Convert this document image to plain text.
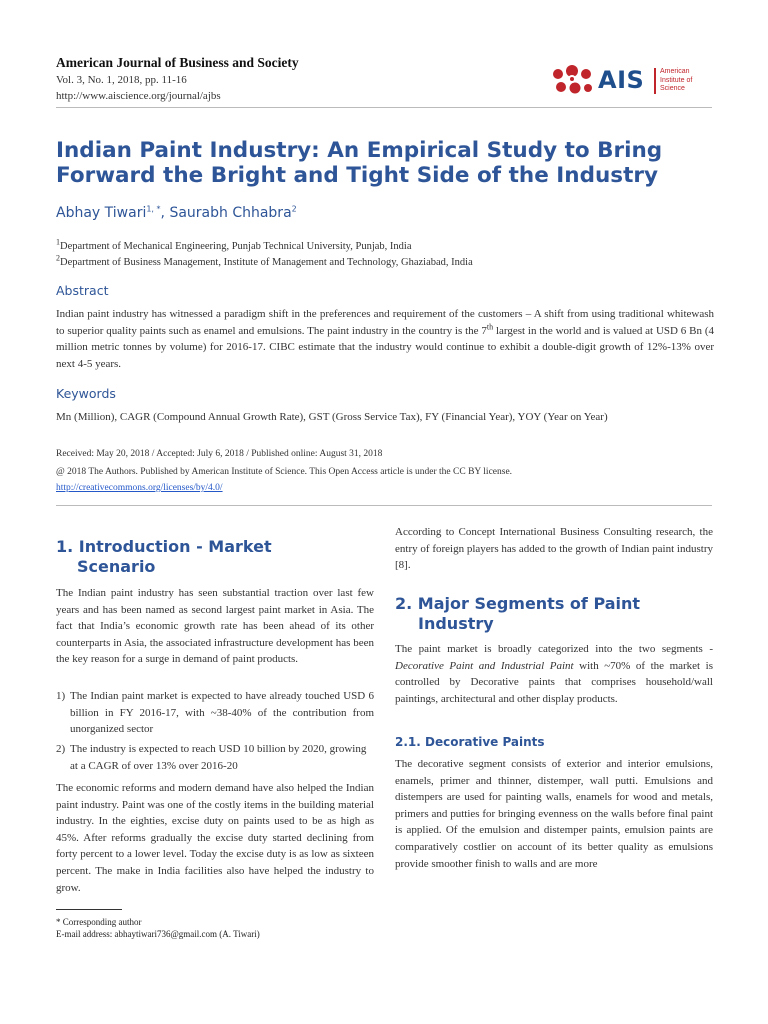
American Journal of Business and Society
Vol. 3, No. 1, 2018, pp. 11-16
http://www.aiscience.org/journal/ajbs
AIS American
Institute of
Science
Indian Paint Industry: An Empirical Study to Bring
Forward the Bright and Tight Side of the Industry
Abhay Tiwari$^{1, *}$, Saurabh Chhabra$^2$
$^1$Department of Mechanical Engineering, Punjab Technical University, Punjab, India
$^2$Department of Business Management, Institute of Management and Technology, Ghaziabad, India
Abstract
Indian paint industry has witnessed a paradigm shift in the preferences and requirement of the customers – A shift from using traditional whitewash to superior quality paints such as enamel and emulsions. The paint industry in the country is the 7th largest in the world and is valued at USD 6 Bn (4 million metric tonnes by volume) for 2016-17. CIBC estimate that the industry would continue to exhibit a double-digit growth of 12%-13% over next 4-5 years.
Keywords
Mn (Million), CAGR (Compound Annual Growth Rate), GST (Gross Service Tax), FY (Financial Year), YOY (Year on Year)
Received: May 20, 2018 / Accepted: July 6, 2018 / Published online: August 31, 2018
@ 2018 The Authors. Published by American Institute of Science. This Open Access article is under the CC BY license.
http://creativecommons.org/licenses/by/4.0/
1. Introduction - Market
Scenario
The Indian paint industry has seen substantial traction over last few years and has been named as second largest paint market in Asia. The fact that India’s economic growth rate has been ahead of its other counterparts in Asia, the associated infrastructure development has been the key reason for a surge in demand of paint products.
1) The Indian paint market is expected to have already touched USD 6 billion in FY 2016-17, with ~38-40% of the contribution from unorganized sector
2) The industry is expected to reach USD 10 billion by 2020, growing at a CAGR of over 13% over 2016-20
The economic reforms and modern demand have also helped the Indian paint industry. Paint was one of the costly items in the building material industry. In the eighties, excise duty on paints used to be as high as 45%. After reforms gradually the excise duty started declining from forty percent to a lower level. Today the excise duty is as low as sixteen percent. The make in India facilities also have helped the industry to grow.
According to Concept International Business Consulting research, the entry of foreign players has added to the growth of Indian paint industry [8].
2. Major Segments of Paint
Industry
The paint market is broadly categorized into the two segments - Decorative Paint and Industrial Paint with ~70% of the market is controlled by Decorative paints that comprises household/wall paintings, architectural and other display products.
2.1. Decorative Paints
The decorative segment consists of exterior and interior emulsions, enamels, primer and thinner, distemper, wall putti. Emulsions and distempers are used for painting walls, enamels for wood and metals, primers and putties for bringing evenness on the walls before final paint is applied. Of the emulsion and distemper paints, emulsion paints are comparatively costlier on account of its better quality as emulsions provide smoother finish to walls and are more
* Corresponding author
E-mail address: abhaytiwari736@gmail.com (A. Tiwari)
